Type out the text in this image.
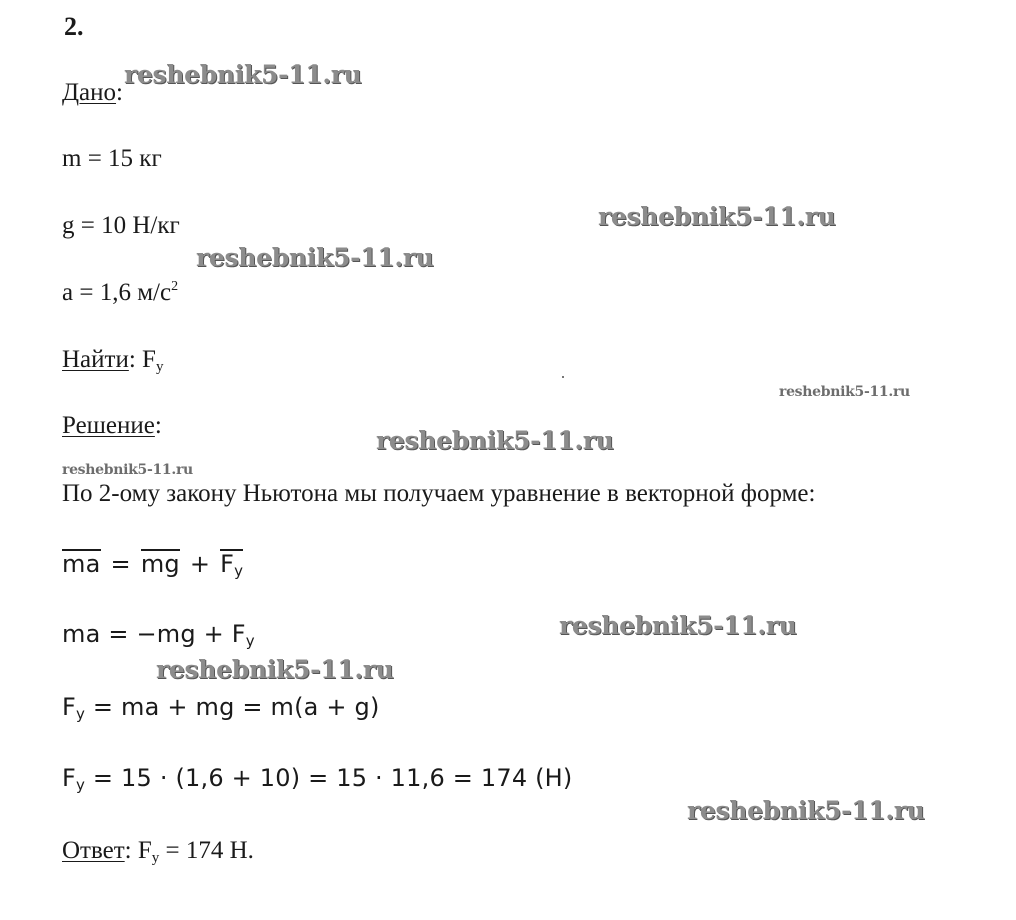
2.
Дано:
m = 15 кг
g = 10 Н/кг
a = 1,6 $м/с^2$
Найти: $F_у$
Решение:
По 2-ому закону Ньютона мы получаем уравнение в векторной форме:
ma = mg + $F_y$
ma = $-mg + F_y$
$F_y$ = ma + mg = m(a + g)
$F_y = 15 \cdot (1,6 + 10) = 15 \cdot 11,6 = 174$ (H)
Ответ: $F_у = 174$ Н.
reshebnik5-11.ru
reshebnik5-11.ru
reshebnik5-11.ru
reshebnik5-11.ru
reshebnik5-11.ru
reshebnik5-11.ru
reshebnik5-11.ru
reshebnik5-11.ru
reshebnik5-11.ru
